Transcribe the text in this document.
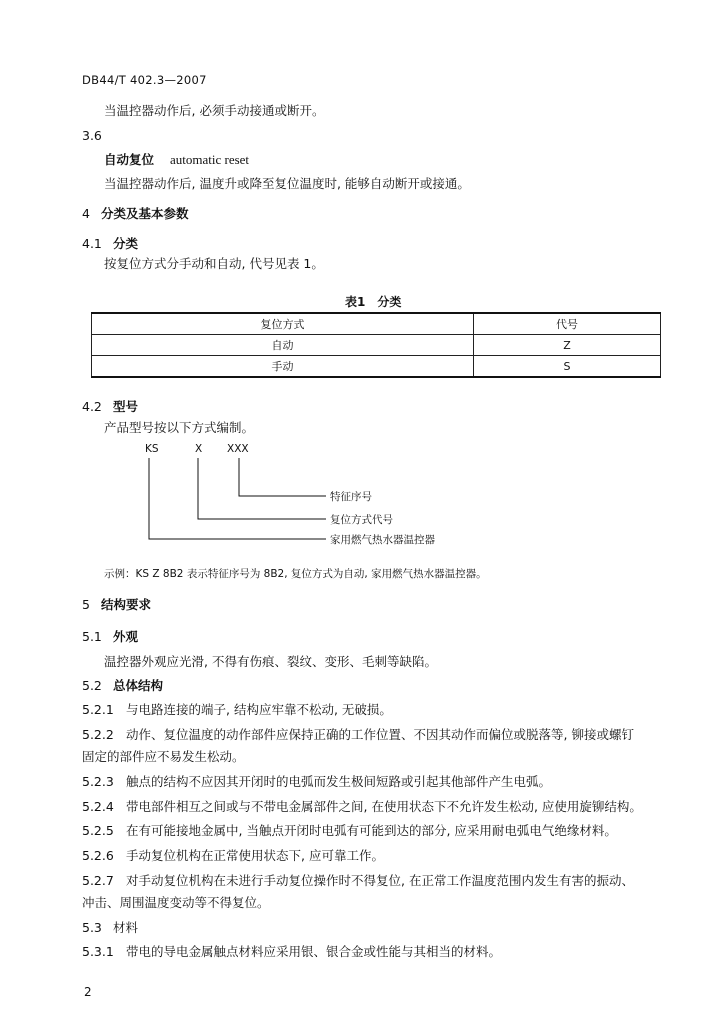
DB44/T 402.3—2007
当温控器动作后, 必须手动接通或断开。
3.6
自动复位 automatic reset
当温控器动作后, 温度升或降至复位温度时, 能够自动断开或接通。
4 分类及基本参数
4.1 分类
按复位方式分手动和自动, 代号见表 1。
表1　分类
复位方式	代号
自动	Z
手动	S
4.2 型号
产品型号按以下方式编制。
KS	X XXX
特征序号
复位方式代号
家用燃气热水器温控器
示例：KS Z 8B2 表示特征序号为 8B2, 复位方式为自动, 家用燃气热水器温控器。
5 结构要求
5.1 外观
温控器外观应光滑, 不得有伤痕、裂纹、变形、毛刺等缺陷。
5.2 总体结构
5.2.1 与电路连接的端子, 结构应牢靠不松动, 无破损。
5.2.2 动作、复位温度的动作部件应保持正确的工作位置、不因其动作而偏位或脱落等, 铆接或螺钉
固定的部件应不易发生松动。
5.2.3 触点的结构不应因其开闭时的电弧而发生极间短路或引起其他部件产生电弧。
5.2.4 带电部件相互之间或与不带电金属部件之间, 在使用状态下不允许发生松动, 应使用旋铆结构。
5.2.5 在有可能接地金属中, 当触点开闭时电弧有可能到达的部分, 应采用耐电弧电气绝缘材料。
5.2.6 手动复位机构在正常使用状态下, 应可靠工作。
5.2.7 对手动复位机构在未进行手动复位操作时不得复位, 在正常工作温度范围内发生有害的振动、
冲击、周围温度变动等不得复位。
5.3 材料
5.3.1 带电的导电金属触点材料应采用银、银合金或性能与其相当的材料。
2
